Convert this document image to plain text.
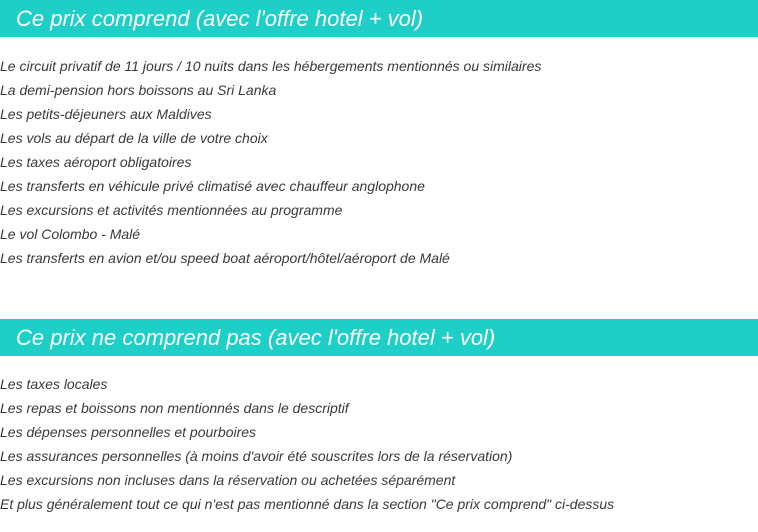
Ce prix comprend (avec l'offre hotel + vol)
Le circuit privatif de 11 jours / 10 nuits dans les hébergements mentionnés ou similaires
La demi-pension hors boissons au Sri Lanka
Les petits-déjeuners aux Maldives
Les vols au départ de la ville de votre choix
Les taxes aéroport obligatoires
Les transferts en véhicule privé climatisé avec chauffeur anglophone
Les excursions et activités mentionnées au programme
Le vol Colombo - Malé
Les transferts en avion et/ou speed boat aéroport/hôtel/aéroport de Malé
Ce prix ne comprend pas (avec l'offre hotel + vol)
Les taxes locales
Les repas et boissons non mentionnés dans le descriptif
Les dépenses personnelles et pourboires
Les assurances personnelles (à moins d'avoir été souscrites lors de la réservation)
Les excursions non incluses dans la réservation ou achetées séparément
Et plus généralement tout ce qui n'est pas mentionné dans la section "Ce prix comprend" ci-dessus
